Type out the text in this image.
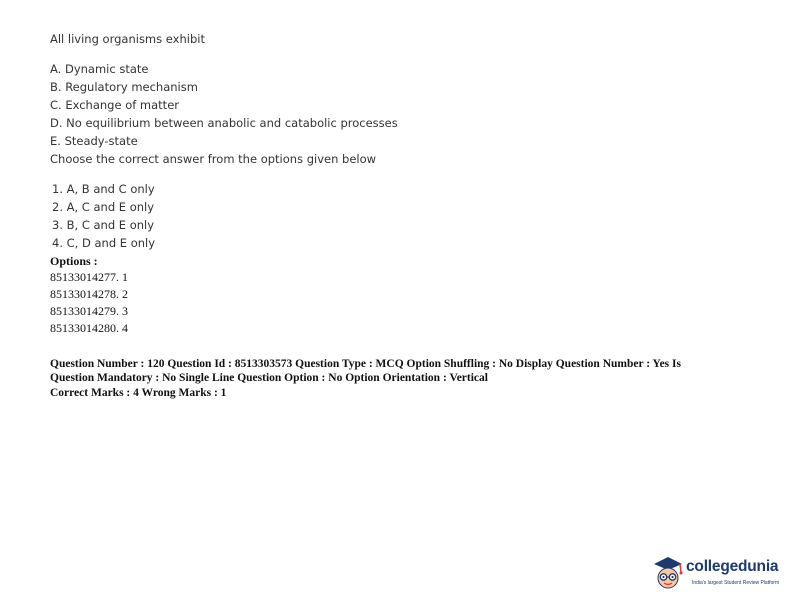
All living organisms exhibit
A. Dynamic state
B. Regulatory mechanism
C. Exchange of matter
D. No equilibrium between anabolic and catabolic processes
E. Steady-state
Choose the correct answer from the options given below
1. A, B and C only
2. A, C and E only
3. B, C and E only
4. C, D and E only
Options :
85133014277. 1
85133014278. 2
85133014279. 3
85133014280. 4
Question Number : 120 Question Id : 8513303573 Question Type : MCQ Option Shuffling : No Display Question Number : Yes Is
Question Mandatory : No Single Line Question Option : No Option Orientation : Vertical
Correct Marks : 4 Wrong Marks : 1
collegedunia
India's largest Student Review Platform
